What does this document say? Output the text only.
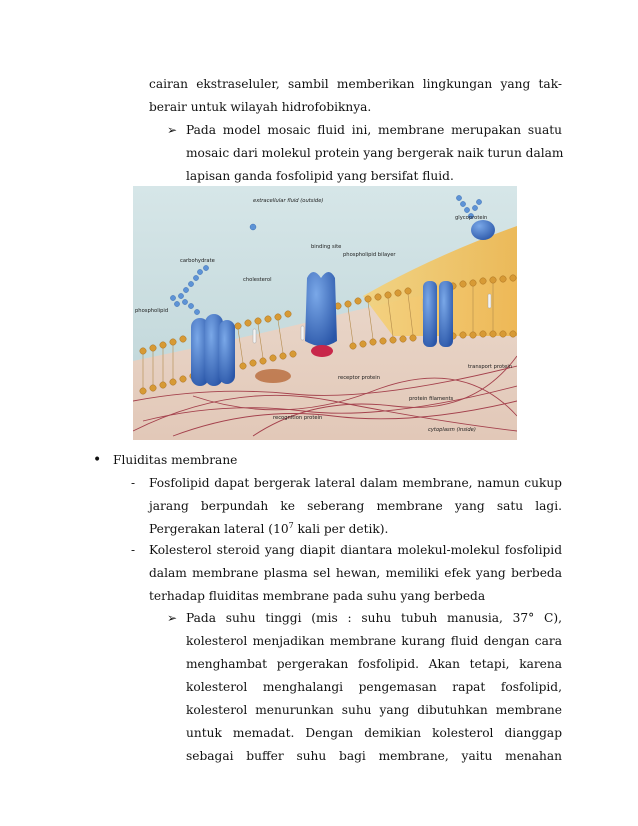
cairan ekstraseluler, sambil memberikan lingkungan yang tak-
berair untuk wilayah hidrofobiknya.
➢ Pada model mosaic fluid ini, membrane merupakan suatu
mosaic dari molekul protein yang bergerak naik turun dalam
lapisan ganda fosfolipid yang bersifat fluid.
extracellular fluid (outside)
glycoprotein
binding site
phospholipid bilayer
carbohydrate
cholesterol
phospholipid
receptor protein
transport protein
protein filaments
recognition protein
cytoplasm (inside)
• Fluiditas membrane
- Fosfolipid dapat bergerak lateral dalam membrane, namun cukup
jarang berpundah ke seberang membrane yang satu lagi.
Pergerakan lateral ($10^7$ kali per detik).
- Kolesterol steroid yang diapit diantara molekul-molekul fosfolipid
dalam membrane plasma sel hewan, memiliki efek yang berbeda
terhadap fluiditas membrane pada suhu yang berbeda
➢ Pada suhu tinggi (mis : suhu tubuh manusia, 37° C),
kolesterol menjadikan membrane kurang fluid dengan cara
menghambat pergerakan fosfolipid. Akan tetapi, karena
kolesterol menghalangi pengemasan rapat fosfolipid,
kolesterol menurunkan suhu yang dibutuhkan membrane
untuk memadat. Dengan demikian kolesterol dianggap
sebagai buffer suhu bagi membrane, yaitu menahan
